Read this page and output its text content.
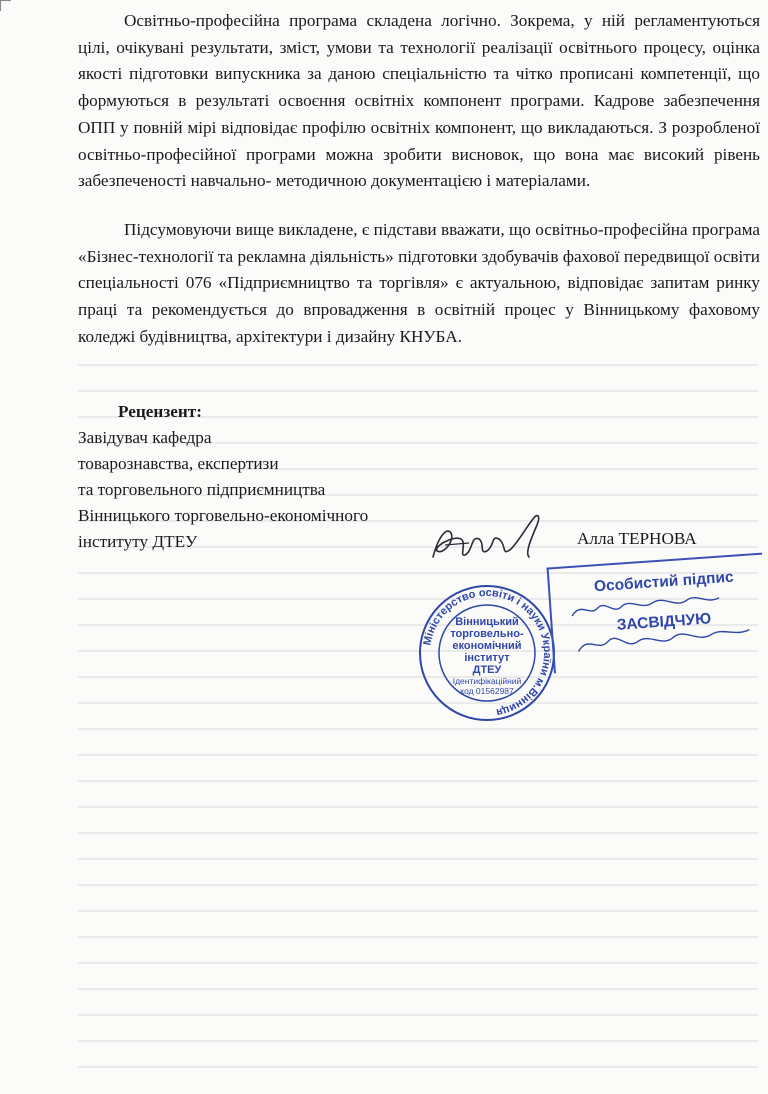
Освітньо-професійна програма складена логічно. Зокрема, у ній регламентуються цілі, очікувані результати, зміст, умови та технології реалізації освітнього процесу, оцінка якості підготовки випускника за даною спеціальністю та чітко прописані компетенції, що формуються в результаті освоєння освітніх компонент програми. Кадрове забезпечення ОПП у повній мірі відповідає профілю освітніх компонент, що викладаються. З розробленої освітньо-професійної програми можна зробити висновок, що вона має високий рівень забезпеченості навчально- методичною документацією і матеріалами.

Підсумовуючи вище викладене, є підстави вважати, що освітньо-професійна програма «Бізнес-технології та рекламна діяльність» підготовки здобувачів фахової передвищої освіти спеціальності 076 «Підприємництво та торгівля» є актуальною, відповідає запитам ринку праці та рекомендується до впровадження в освітній процес у Вінницькому фаховому коледжі будівництва, архітектури і дизайну КНУБА.

Рецензент:
Завідувач кафедра
товарознавства, експертизи
та торговельного підприємництва
Вінницького торговельно-економічного
інституту ДТЕУ	Алла ТЕРНОВА
Міністерство освіти і науки України м.Вінниця
Вінницький
торговельно-
економічний
інститут
ДТЕУ
Ідентифікаційний
код 01562987
Особистий підпис
ЗАСВІДЧУЮ
